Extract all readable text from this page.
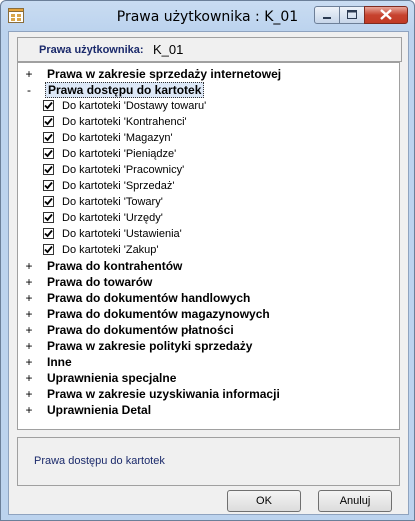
Prawa użytkownika : K_01
Prawa użytkownika: K_01
+ Prawa w zakresie sprzedaży internetowej
- Prawa dostępu do kartotek
Do kartoteki 'Dostawy towaru'
Do kartoteki 'Kontrahenci'
Do kartoteki 'Magazyn'
Do kartoteki 'Pieniądze'
Do kartoteki 'Pracownicy'
Do kartoteki 'Sprzedaż'
Do kartoteki 'Towary'
Do kartoteki 'Urzędy'
Do kartoteki 'Ustawienia'
Do kartoteki 'Zakup'
+ Prawa do kontrahentów
+ Prawa do towarów
+ Prawa do dokumentów handlowych
+ Prawa do dokumentów magazynowych
+ Prawa do dokumentów płatności
+ Prawa w zakresie polityki sprzedaży
+ Inne
+ Uprawnienia specjalne
+ Prawa w zakresie uzyskiwania informacji
+ Uprawnienia Detal
Prawa dostępu do kartotek
OK	Anuluj
